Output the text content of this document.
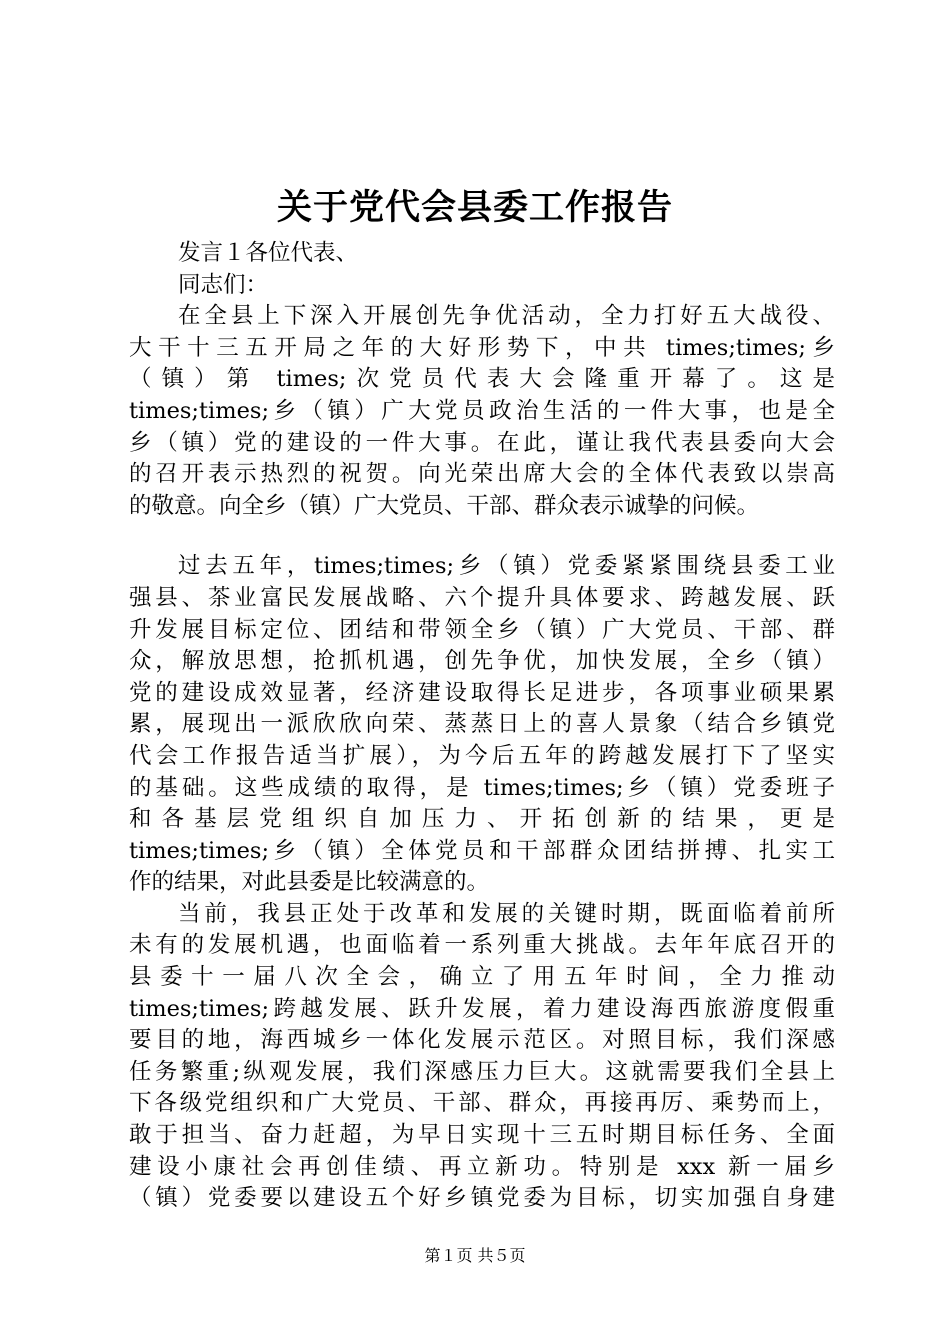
关于党代会县委工作报告
发言１各位代表、
同志们：
在全县上下深入开展创先争优活动，全力打好五大战役、
大干十三五开局之年的大好形势下，中共 times;times;乡
（镇）第 times;次党员代表大会隆重开幕了。这是
times;times;乡（镇）广大党员政治生活的一件大事，也是全
乡（镇）党的建设的一件大事。在此，谨让我代表县委向大会
的召开表示热烈的祝贺。向光荣出席大会的全体代表致以崇高
的敬意。向全乡（镇）广大党员、干部、群众表示诚挚的问候。
过去五年，times;times;乡（镇）党委紧紧围绕县委工业
强县、茶业富民发展战略、六个提升具体要求、跨越发展、跃
升发展目标定位、团结和带领全乡（镇）广大党员、干部、群
众，解放思想，抢抓机遇，创先争优，加快发展，全乡（镇）
党的建设成效显著，经济建设取得长足进步，各项事业硕果累
累，展现出一派欣欣向荣、蒸蒸日上的喜人景象（结合乡镇党
代会工作报告适当扩展），为今后五年的跨越发展打下了坚实
的基础。这些成绩的取得，是 times;times;乡（镇）党委班子
和各基层党组织自加压力、开拓创新的结果，更是
times;times;乡（镇）全体党员和干部群众团结拼搏、扎实工
作的结果，对此县委是比较满意的。
当前，我县正处于改革和发展的关键时期，既面临着前所
未有的发展机遇，也面临着一系列重大挑战。去年年底召开的
县委十一届八次全会，确立了用五年时间，全力推动
times;times;跨越发展、跃升发展，着力建设海西旅游度假重
要目的地，海西城乡一体化发展示范区。对照目标，我们深感
任务繁重;纵观发展，我们深感压力巨大。这就需要我们全县上
下各级党组织和广大党员、干部、群众，再接再厉、乘势而上，
敢于担当、奋力赶超，为早日实现十三五时期目标任务、全面
建设小康社会再创佳绩、再立新功。特别是 xxx 新一届乡
（镇）党委要以建设五个好乡镇党委为目标，切实加强自身建
第１页 共５页
